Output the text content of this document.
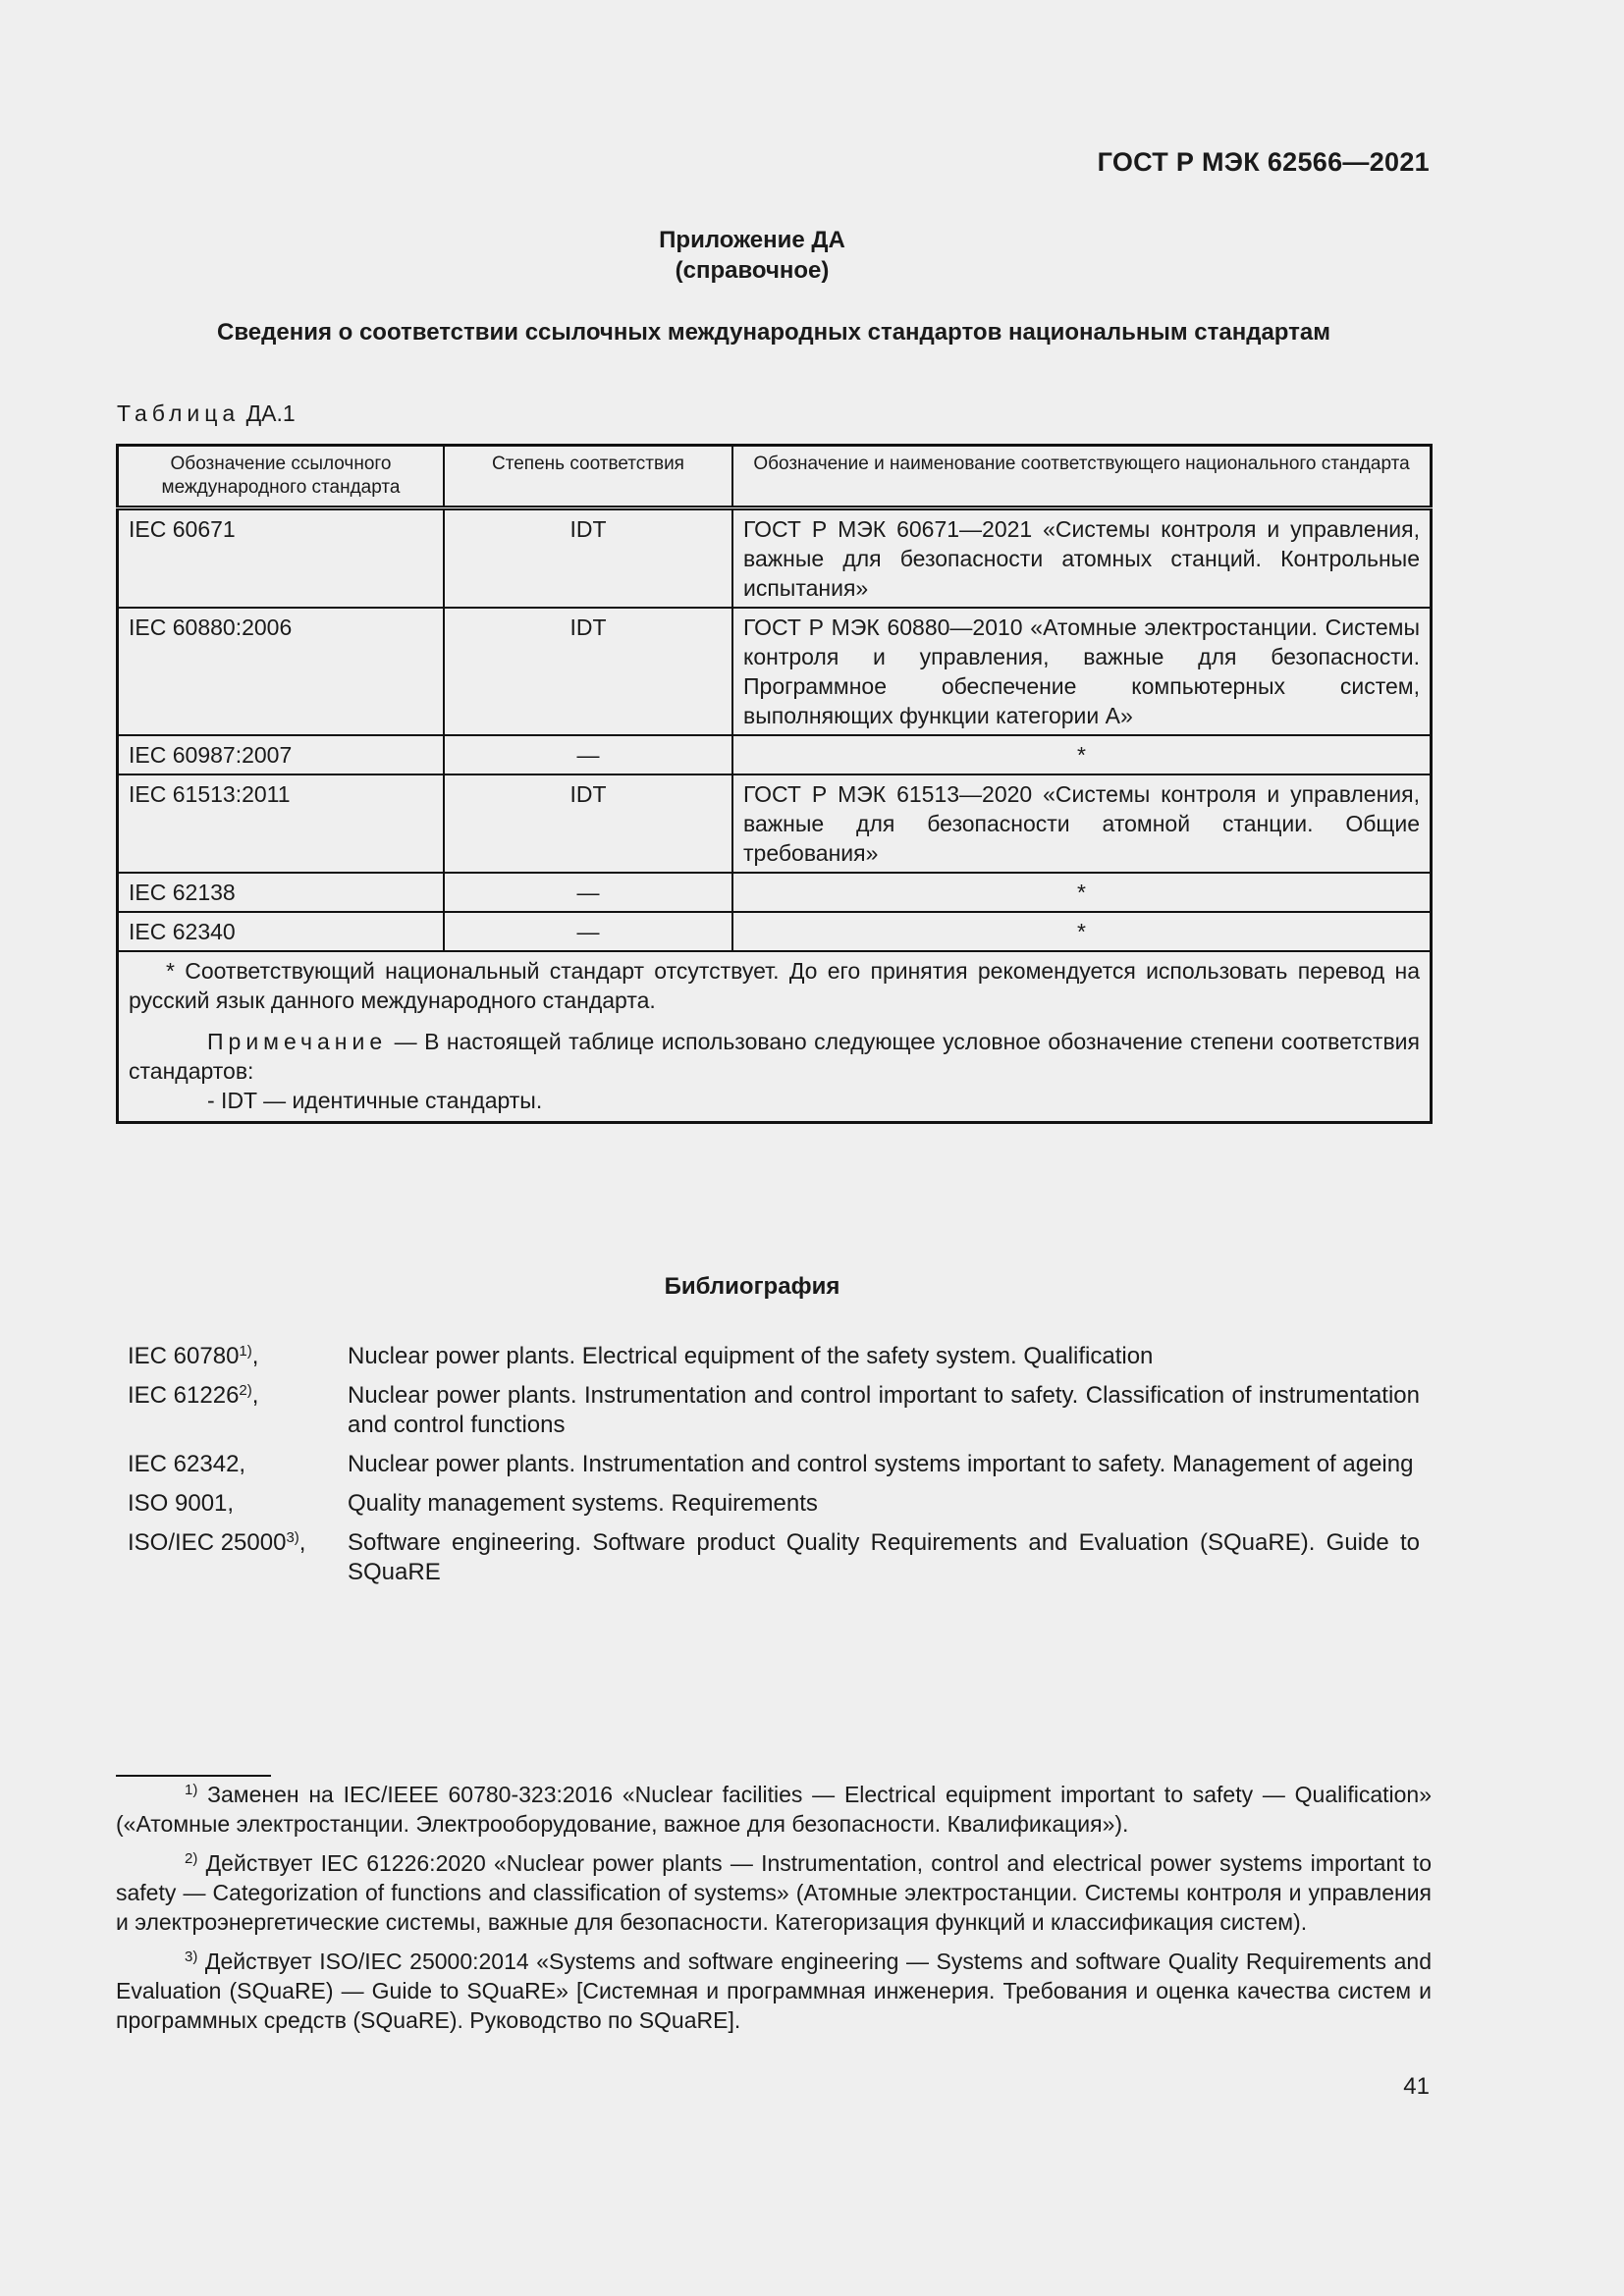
ГОСТ Р МЭК 62566—2021
Приложение ДА
(справочное)
Сведения о соответствии ссылочных международных стандартов национальным стандартам
Таблица ДА.1
Обозначение ссылочного международного стандарта	Степень соответствия	Обозначение и наименование соответствующего национального стандарта
IEC 60671	IDT	ГОСТ Р МЭК 60671—2021 «Системы контроля и управления, важные для безопасности атомных станций. Контрольные испытания»
IEC 60880:2006	IDT	ГОСТ Р МЭК 60880—2010 «Атомные электростанции. Системы контроля и управления, важные для безопасности. Программное обеспечение компьютерных систем, выполняющих функции категории А»
IEC 60987:2007	—	*
IEC 61513:2011	IDT	ГОСТ Р МЭК 61513—2020 «Системы контроля и управления, важные для безопасности атомной станции. Общие требования»
IEC 62138	—	*
IEC 62340	—	*

* Соответствующий национальный стандарт отсутствует. До его принятия рекомендуется использовать перевод на русский язык данного международного стандарта.
Примечание — В настоящей таблице использовано следующее условное обозначение степени соответствия стандартов:
- IDT — идентичные стандарты.		
Библиография
IEC 60780$^{1)}$,	Nuclear power plants. Electrical equipment of the safety system. Qualification
IEC 61226$^{2)}$,	Nuclear power plants. Instrumentation and control important to safety. Classification of instrumentation and control functions
IEC 62342,	Nuclear power plants. Instrumentation and control systems important to safety. Management of ageing
ISO 9001,	Quality management systems. Requirements
ISO/IEC 25000$^{3)}$,	Software engineering. Software product Quality Requirements and Evaluation (SQuaRE). Guide to SQuaRE
$^{1)}$ Заменен на IEC/IEEE 60780-323:2016 «Nuclear facilities — Electrical equipment important to safety — Qualification» («Атомные электростанции. Электрооборудование, важное для безопасности. Квалификация»).
$^{2)}$ Действует IEC 61226:2020 «Nuclear power plants — Instrumentation, control and electrical power systems important to safety — Categorization of functions and classification of systems» (Атомные электростанции. Системы контроля и управления и электроэнергетические системы, важные для безопасности. Категоризация функций и классификация систем).
$^{3)}$ Действует ISO/IEC 25000:2014 «Systems and software engineering — Systems and software Quality Requirements and Evaluation (SQuaRE) — Guide to SQuaRE» [Системная и программная инженерия. Требования и оценка качества систем и программных средств (SQuaRE). Руководство по SQuaRE].
41
